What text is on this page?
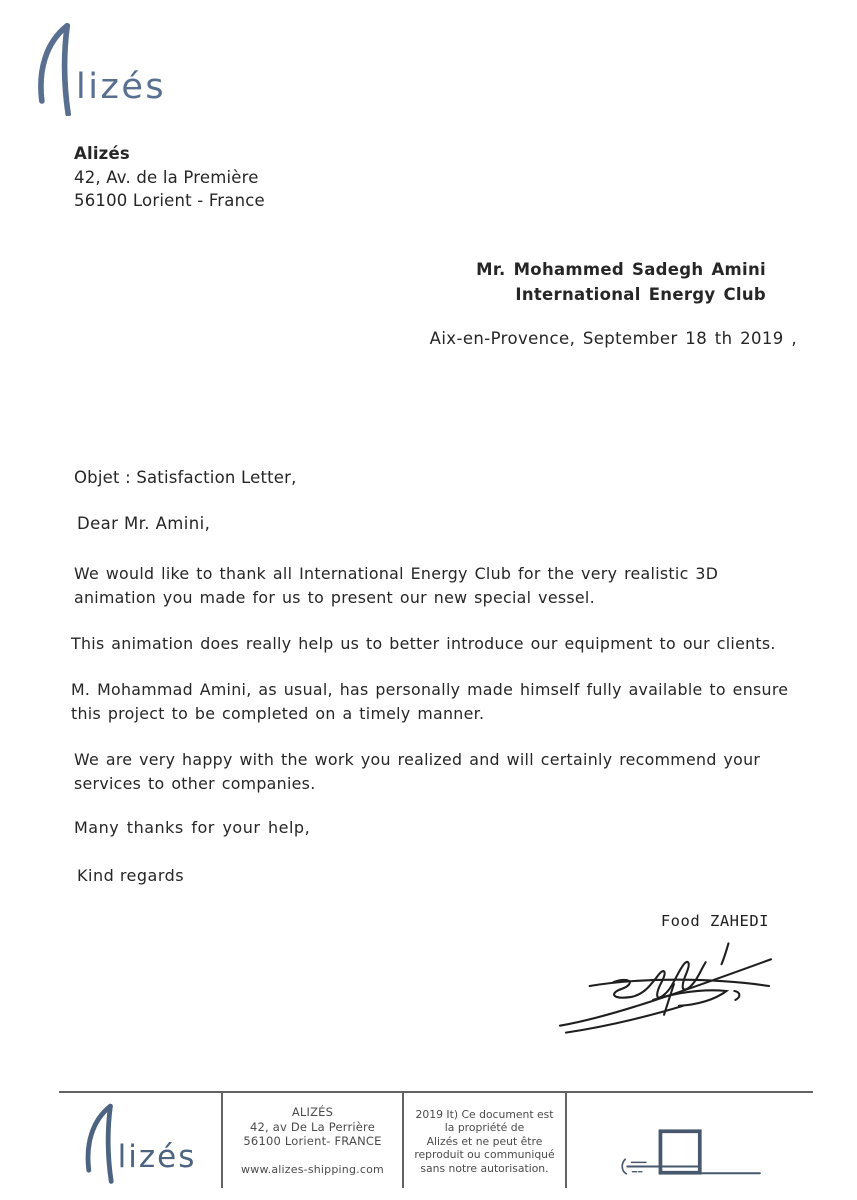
lizés
Alizés
42, Av. de la Première
56100 Lorient - France
Mr. Mohammed Sadegh Amini
International Energy Club
Aix-en-Provence, September 18 th 2019 ,
Objet : Satisfaction Letter,
Dear Mr. Amini,
We would like to thank all International Energy Club for the very realistic 3D
animation you made for us to present our new special vessel.
This animation does really help us to better introduce our equipment to our clients.
M. Mohammad Amini, as usual, has personally made himself fully available to ensure
this project to be completed on a timely manner.
We are very happy with the work you realized and will certainly recommend your
services to other companies.
Many thanks for your help,
Kind regards
Food ZAHEDI
lizés
ALIZÉS
42, av De La Perrière
56100 Lorient- FRANCE
www.alizes-shipping.com
2019 It) Ce document est
la propriété de
Alizés et ne peut être
reproduit ou communiqué
sans notre autorisation.
